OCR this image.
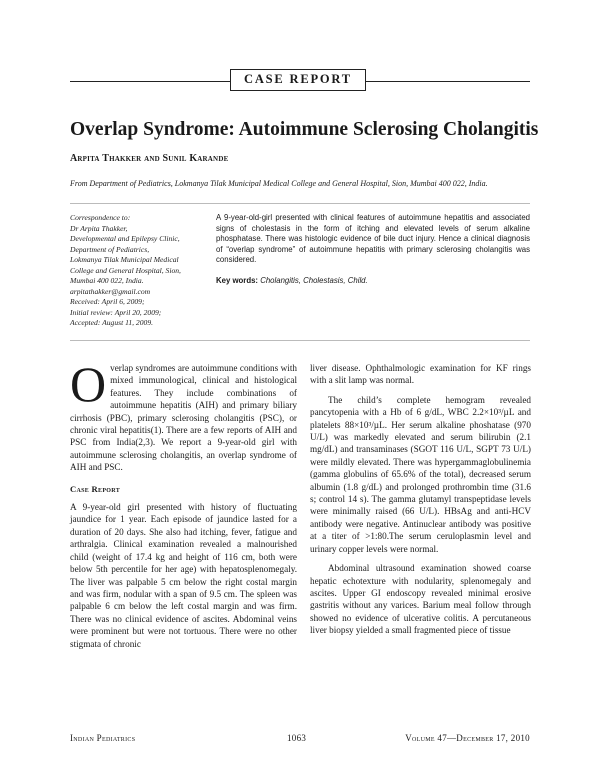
CASE REPORT
Overlap Syndrome: Autoimmune Sclerosing Cholangitis
Arpita Thakker and Sunil Karande
From Department of Pediatrics, Lokmanya Tilak Municipal Medical College and General Hospital, Sion, Mumbai 400 022, India.
Correspondence to:
Dr Arpita Thakker,
Developmental and Epilepsy Clinic,
Department of Pediatrics,
Lokmanya Tilak Municipal Medical
College and General Hospital, Sion,
Mumbai 400 022, India.
arpitathakker@gmail.com
Received: April 6, 2009;
Initial review: April 20, 2009;
Accepted: August 11, 2009.
A 9-year-old-girl presented with clinical features of autoimmune hepatitis and associated signs of cholestasis in the form of itching and elevated levels of serum alkaline phosphatase. There was histologic evidence of bile duct injury. Hence a clinical diagnosis of “overlap syndrome” of autoimmune hepatitis with primary sclerosing cholangitis was considered.
Key words: Cholangitis, Cholestasis, Child.

Overlap syndromes are autoimmune conditions with mixed immunological, clinical and histological features. They include combinations of autoimmune hepatitis (AIH) and primary biliary cirrhosis (PBC), primary sclerosing cholangitis (PSC), or chronic viral hepatitis(1). There are a few reports of AIH and PSC from India(2,3). We report a 9-year-old girl with autoimmune sclerosing cholangitis, an overlap syndrome of AIH and PSC.

Case Report

A 9-year-old girl presented with history of fluctuating jaundice for 1 year. Each episode of jaundice lasted for a duration of 20 days. She also had itching, fever, fatigue and arthralgia. Clinical examination revealed a malnourished child (weight of 17.4 kg and height of 116 cm, both were below 5th percentile for her age) with hepatosplenomegaly. The liver was palpable 5 cm below the right costal margin and was firm, nodular with a span of 9.5 cm. The spleen was palpable 6 cm below the left costal margin and was firm. There was no clinical evidence of ascites. Abdominal veins were prominent but were not tortuous. There were no other stigmata of chronic

liver disease. Ophthalmologic examination for KF rings with a slit lamp was normal.

The child’s complete hemogram revealed pancytopenia with a Hb of 6 g/dL, WBC 2.2×10³/µL and platelets 88×10³/µL. Her serum alkaline phoshatase (970 U/L) was markedly elevated and serum bilirubin (2.1 mg/dL) and transaminases (SGOT 116 U/L, SGPT 73 U/L) were mildly elevated. There was hypergammaglobulinemia (gamma globulins of 65.6% of the total), decreased serum albumin (1.8 g/dL) and prolonged prothrombin time (31.6 s; control 14 s). The gamma glutamyl transpeptidase levels were minimally raised (66 U/L). HBsAg and anti-HCV antibody were negative. Antinuclear antibody was positive at a titer of >1:80.The serum ceruloplasmin level and urinary copper levels were normal.

Abdominal ultrasound examination showed coarse hepatic echotexture with nodularity, splenomegaly and ascites. Upper GI endoscopy revealed minimal erosive gastritis without any varices. Barium meal follow through showed no evidence of ulcerative colitis. A percutaneous liver biopsy yielded a small fragmented piece of tissue

Indian Pediatrics	1063	Volume 47—December 17, 2010
